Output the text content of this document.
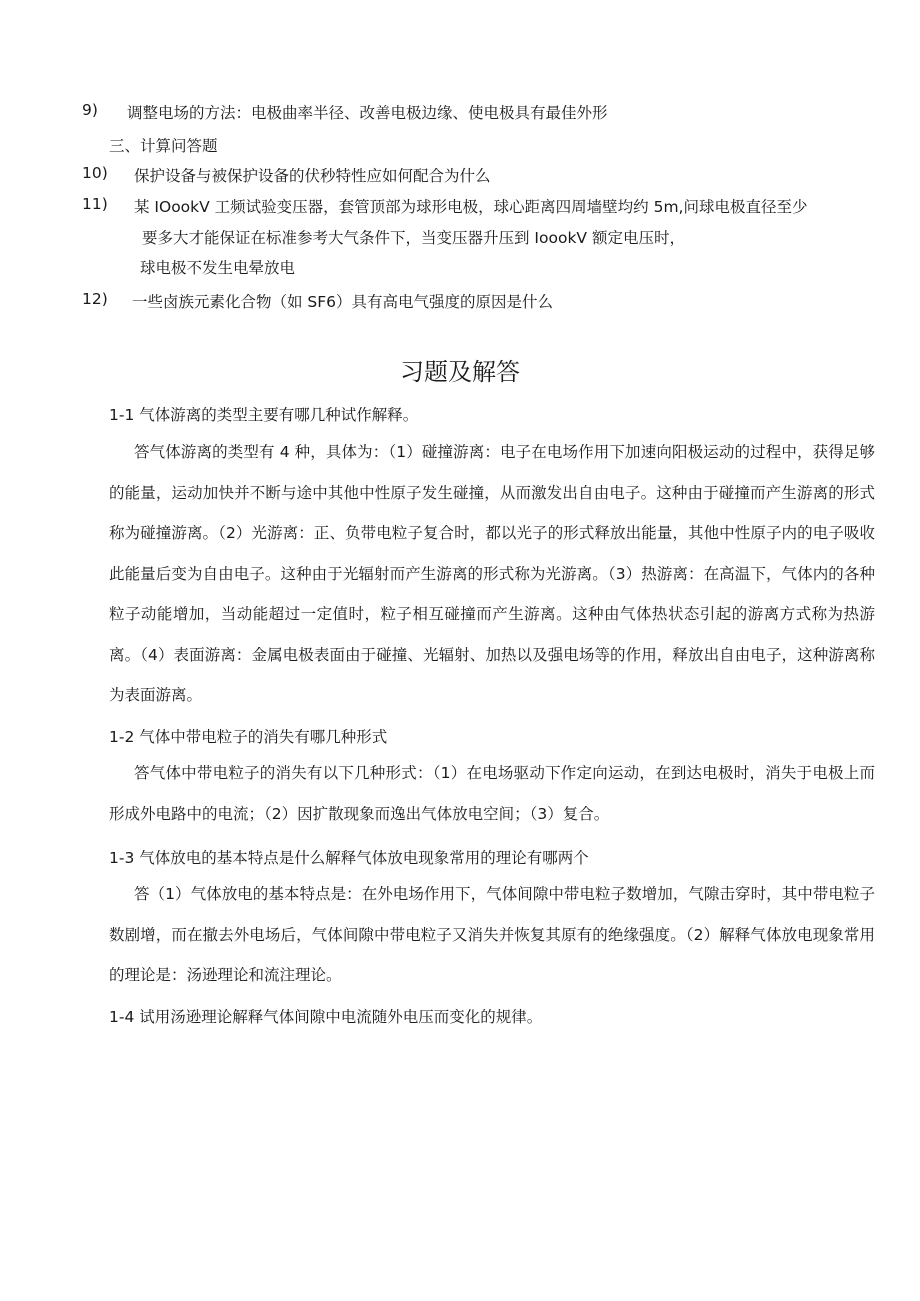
9) 调整电场的方法：电极曲率半径、改善电极边缘、使电极具有最佳外形
三、计算问答题
10) 保护设备与被保护设备的伏秒特性应如何配合为什么
11) 某 IOookV 工频试验变压器，套管顶部为球形电极，球心距离四周墙壁均约 5m,问球电极直径至少
要多大才能保证在标准参考大气条件下，当变压器升压到 IoookV 额定电压时，
球电极不发生电晕放电
12) 一些卤族元素化合物（如 SF6）具有高电气强度的原因是什么
习题及解答
1-1 气体游离的类型主要有哪几种试作解释。
答气体游离的类型有 4 种，具体为：（1）碰撞游离：电子在电场作用下加速向阳极运动的过程中，获得足够的能量，运动加快并不断与途中其他中性原子发生碰撞，从而激发出自由电子。这种由于碰撞而产生游离的形式称为碰撞游离。（2）光游离：正、负带电粒子复合时，都以光子的形式释放出能量，其他中性原子内的电子吸收此能量后变为自由电子。这种由于光辐射而产生游离的形式称为光游离。（3）热游离：在高温下，气体内的各种粒子动能增加，当动能超过一定值时，粒子相互碰撞而产生游离。这种由气体热状态引起的游离方式称为热游离。（4）表面游离：金属电极表面由于碰撞、光辐射、加热以及强电场等的作用，释放出自由电子，这种游离称为表面游离。
1-2 气体中带电粒子的消失有哪几种形式
答气体中带电粒子的消失有以下几种形式：（1）在电场驱动下作定向运动，在到达电极时，消失于电极上而形成外电路中的电流；（2）因扩散现象而逸出气体放电空间；（3）复合。
1-3 气体放电的基本特点是什么解释气体放电现象常用的理论有哪两个
答（1）气体放电的基本特点是：在外电场作用下，气体间隙中带电粒子数增加，气隙击穿时，其中带电粒子数剧增，而在撤去外电场后，气体间隙中带电粒子又消失并恢复其原有的绝缘强度。（2）解释气体放电现象常用的理论是：汤逊理论和流注理论。
1-4 试用汤逊理论解释气体间隙中电流随外电压而变化的规律。
